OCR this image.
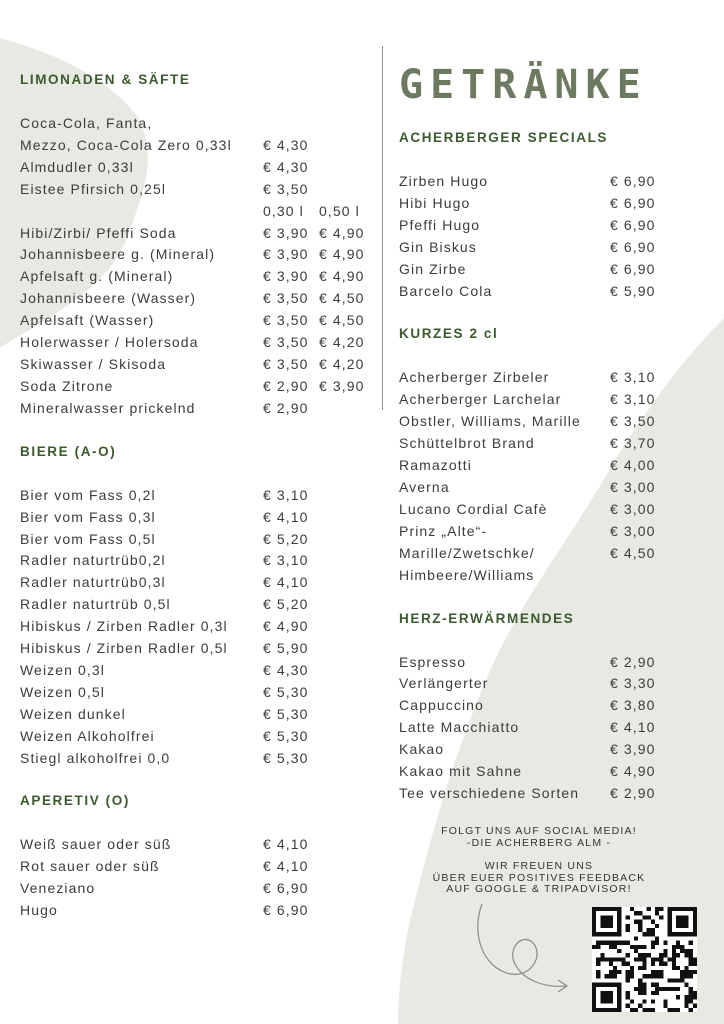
LIMONADEN & SÄFTE
Coca-Cola, Fanta,
Mezzo, Coca-Cola Zero 0,33l	€ 4,30
Almdudler 0,33l	€ 4,30
Eistee Pfirsich 0,25l	€ 3,50
0,30 l	0,50 l
Hibi/Zirbi/ Pfeffi Soda	€ 3,90 € 4,90
Johannisbeere g. (Mineral)	€ 3,90 € 4,90
Apfelsaft g. (Mineral)	€ 3,90 € 4,90
Johannisbeere (Wasser)	€ 3,50 € 4,50
Apfelsaft (Wasser)	€ 3,50 € 4,50
Holerwasser / Holersoda	€ 3,50 € 4,20
Skiwasser / Skisoda	€ 3,50 € 4,20
Soda Zitrone	€ 2,90 € 3,90
Mineralwasser prickelnd	€ 2,90
BIERE (A-O)
Bier vom Fass 0,2l	€ 3,10
Bier vom Fass 0,3l	€ 4,10
Bier vom Fass 0,5l	€ 5,20
Radler naturtrüb0,2l	€ 3,10
Radler naturtrüb0,3l	€ 4,10
Radler naturtrüb 0,5l	€ 5,20
Hibiskus / Zirben Radler 0,3l	€ 4,90
Hibiskus / Zirben Radler 0,5l	€ 5,90
Weizen 0,3l	€ 4,30
Weizen 0,5l	€ 5,30
Weizen dunkel	€ 5,30
Weizen Alkoholfrei	€ 5,30
Stiegl alkoholfrei 0,0	€ 5,30
APERETIV (O)
Weiß sauer oder süß	€ 4,10
Rot sauer oder süß	€ 4,10
Veneziano	€ 6,90
Hugo	€ 6,90
GETRÄNKE
ACHERBERGER SPECIALS
Zirben Hugo	€ 6,90
Hibi Hugo	€ 6,90
Pfeffi Hugo	€ 6,90
Gin Biskus	€ 6,90
Gin Zirbe	€ 6,90
Barcelo Cola	€ 5,90
KURZES 2 cl
Acherberger Zirbeler	€ 3,10
Acherberger Larchelar	€ 3,10
Obstler, Williams, Marille	€ 3,50
Schüttelbrot Brand	€ 3,70
Ramazotti	€ 4,00
Averna	€ 3,00
Lucano Cordial Cafè	€ 3,00
Prinz „Alte“-	€ 3,00
Marille/Zwetschke/	€ 4,50
Himbeere/Williams
HERZ-ERWÄRMENDES
Espresso	€ 2,90
Verlängerter	€ 3,30
Cappuccino	€ 3,80
Latte Macchiatto	€ 4,10
Kakao	€ 3,90
Kakao mit Sahne	€ 4,90
Tee verschiedene Sorten	€ 2,90
FOLGT UNS AUF SOCIAL MEDIA!
-DIE ACHERBERG ALM -
WIR FREUEN UNS
ÜBER EUER POSITIVES FEEDBACK
AUF GOOGLE & TRIPADVISOR!
